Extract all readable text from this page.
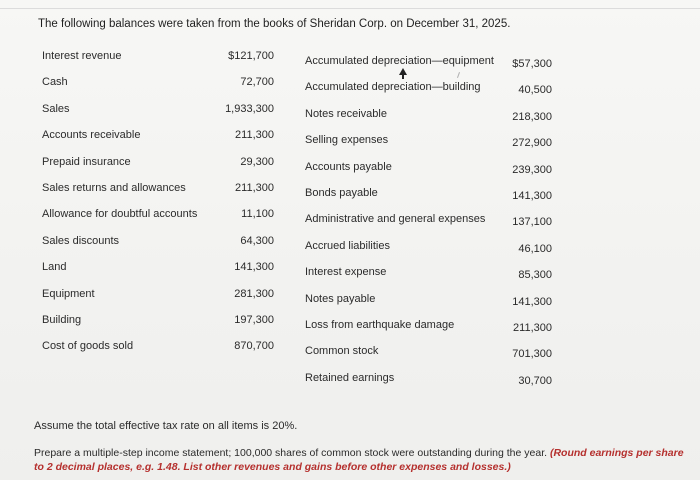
The following balances were taken from the books of Sheridan Corp. on December 31, 2025.
Interest revenue	$121,700
Cash	72,700
Sales	1,933,300
Accounts receivable	211,300
Prepaid insurance	29,300
Sales returns and allowances	211,300
Allowance for doubtful accounts	11,100
Sales discounts	64,300
Land	141,300
Equipment	281,300
Building	197,300
Cost of goods sold	870,700
Accumulated depreciation—equipment	$57,300
Accumulated depreciation—building	40,500
Notes receivable	218,300
Selling expenses	272,900
Accounts payable	239,300
Bonds payable	141,300
Administrative and general expenses	137,100
Accrued liabilities	46,100
Interest expense	85,300
Notes payable	141,300
Loss from earthquake damage	211,300
Common stock	701,300
Retained earnings	30,700
Assume the total effective tax rate on all items is 20%.
Prepare a multiple-step income statement; 100,000 shares of common stock were outstanding during the year. (Round earnings per share to 2 decimal places, e.g. 1.48. List other revenues and gains before other expenses and losses.)
